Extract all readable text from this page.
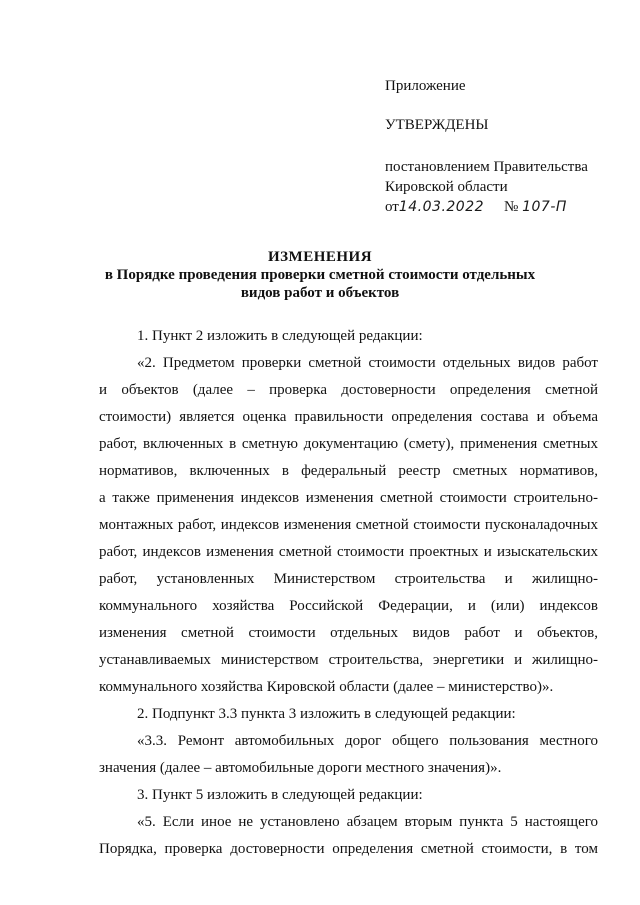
Приложение
УТВЕРЖДЕНЫ
постановлением Правительства
Кировской области
от14.03.2022 № 107-П
ИЗМЕНЕНИЯ
в Порядке проведения проверки сметной стоимости отдельных
видов работ и объектов
1. Пункт 2 изложить в следующей редакции:
«2. Предметом проверки сметной стоимости отдельных видов работ
и объектов (далее – проверка достоверности определения сметной
стоимости) является оценка правильности определения состава и объема
работ, включенных в сметную документацию (смету), применения сметных
нормативов, включенных в федеральный реестр сметных нормативов,
а также применения индексов изменения сметной стоимости строительно-
монтажных работ, индексов изменения сметной стоимости пусконаладочных
работ, индексов изменения сметной стоимости проектных и изыскательских
работ, установленных Министерством строительства и жилищно-
коммунального хозяйства Российской Федерации, и (или) индексов
изменения сметной стоимости отдельных видов работ и объектов,
устанавливаемых министерством строительства, энергетики и жилищно-
коммунального хозяйства Кировской области (далее – министерство)».
2. Подпункт 3.3 пункта 3 изложить в следующей редакции:
«3.3. Ремонт автомобильных дорог общего пользования местного
значения (далее – автомобильные дороги местного значения)».
3. Пункт 5 изложить в следующей редакции:
«5. Если иное не установлено абзацем вторым пункта 5 настоящего
Порядка, проверка достоверности определения сметной стоимости, в том
